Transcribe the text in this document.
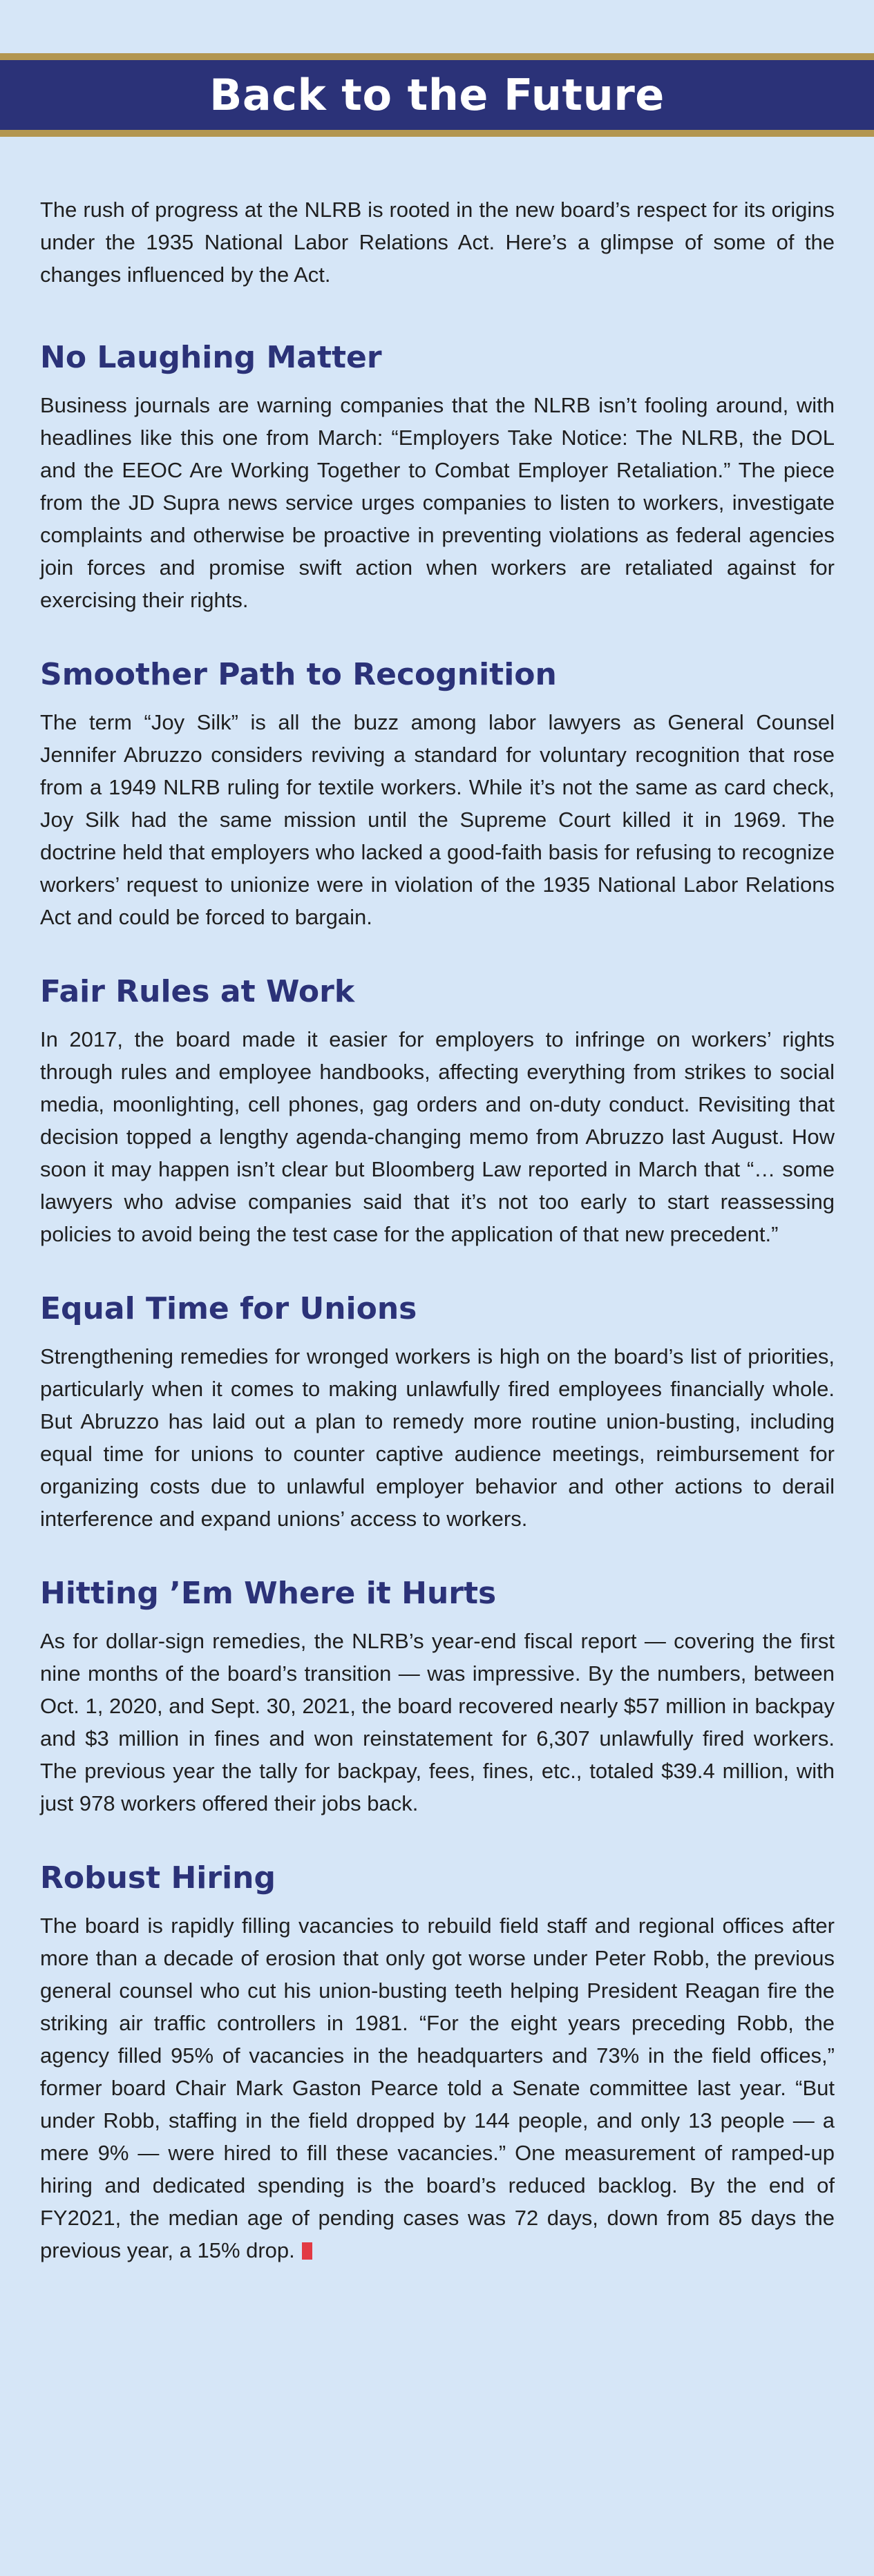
Back to the Future

The rush of progress at the NLRB is rooted in the new board’s respect for its origins under the 1935 National Labor Relations Act. Here’s a glimpse of some of the changes influenced by the Act.

No Laughing Matter

Business journals are warning companies that the NLRB isn’t fooling around, with headlines like this one from March: “Employers Take Notice: The NLRB, the DOL and the EEOC Are Working Together to Combat Employer Retaliation.” The piece from the JD Supra news service urges companies to listen to workers, investigate complaints and otherwise be proactive in preventing violations as federal agencies join forces and promise swift action when workers are retaliated against for exercising their rights.

Smoother Path to Recognition

The term “Joy Silk” is all the buzz among labor lawyers as General Counsel Jennifer Abruzzo considers reviving a standard for voluntary recognition that rose from a 1949 NLRB ruling for textile workers. While it’s not the same as card check, Joy Silk had the same mission until the Supreme Court killed it in 1969. The doctrine held that employers who lacked a good-faith basis for refusing to recognize workers’ request to unionize were in violation of the 1935 National Labor Relations Act and could be forced to bargain.

Fair Rules at Work

In 2017, the board made it easier for employers to infringe on workers’ rights through rules and employee handbooks, affecting everything from strikes to social media, moonlighting, cell phones, gag orders and on-duty conduct. Revisiting that decision topped a lengthy agenda-changing memo from Abruzzo last August. How soon it may happen isn’t clear but Bloomberg Law reported in March that “… some lawyers who advise companies said that it’s not too early to start reassessing policies to avoid being the test case for the application of that new precedent.”

Equal Time for Unions

Strengthening remedies for wronged workers is high on the board’s list of priorities, particularly when it comes to making unlawfully fired employees financially whole. But Abruzzo has laid out a plan to remedy more routine union-busting, including equal time for unions to counter captive audience meetings, reimbursement for organizing costs due to unlawful employer behavior and other actions to derail interference and expand unions’ access to workers.

Hitting ’Em Where it Hurts

As for dollar-sign remedies, the NLRB’s year-end fiscal report — covering the first nine months of the board’s transition — was impressive. By the numbers, between Oct. 1, 2020, and Sept. 30, 2021, the board recovered nearly $57 million in backpay and $3 million in fines and won reinstatement for 6,307 unlawfully fired workers. The previous year the tally for backpay, fees, fines, etc., totaled $39.4 million, with just 978 workers offered their jobs back.

Robust Hiring

The board is rapidly filling vacancies to rebuild field staff and regional offices after more than a decade of erosion that only got worse under Peter Robb, the previous general counsel who cut his union-busting teeth helping President Reagan fire the striking air traffic controllers in 1981. “For the eight years preceding Robb, the agency filled 95% of vacancies in the headquarters and 73% in the field offices,” former board Chair Mark Gaston Pearce told a Senate committee last year. “But under Robb, staffing in the field dropped by 144 people, and only 13 people — a mere 9% — were hired to fill these vacancies.” One measurement of ramped-up hiring and dedicated spending is the board’s reduced backlog. By the end of FY2021, the median age of pending cases was 72 days, down from 85 days the previous year, a 15% drop.
